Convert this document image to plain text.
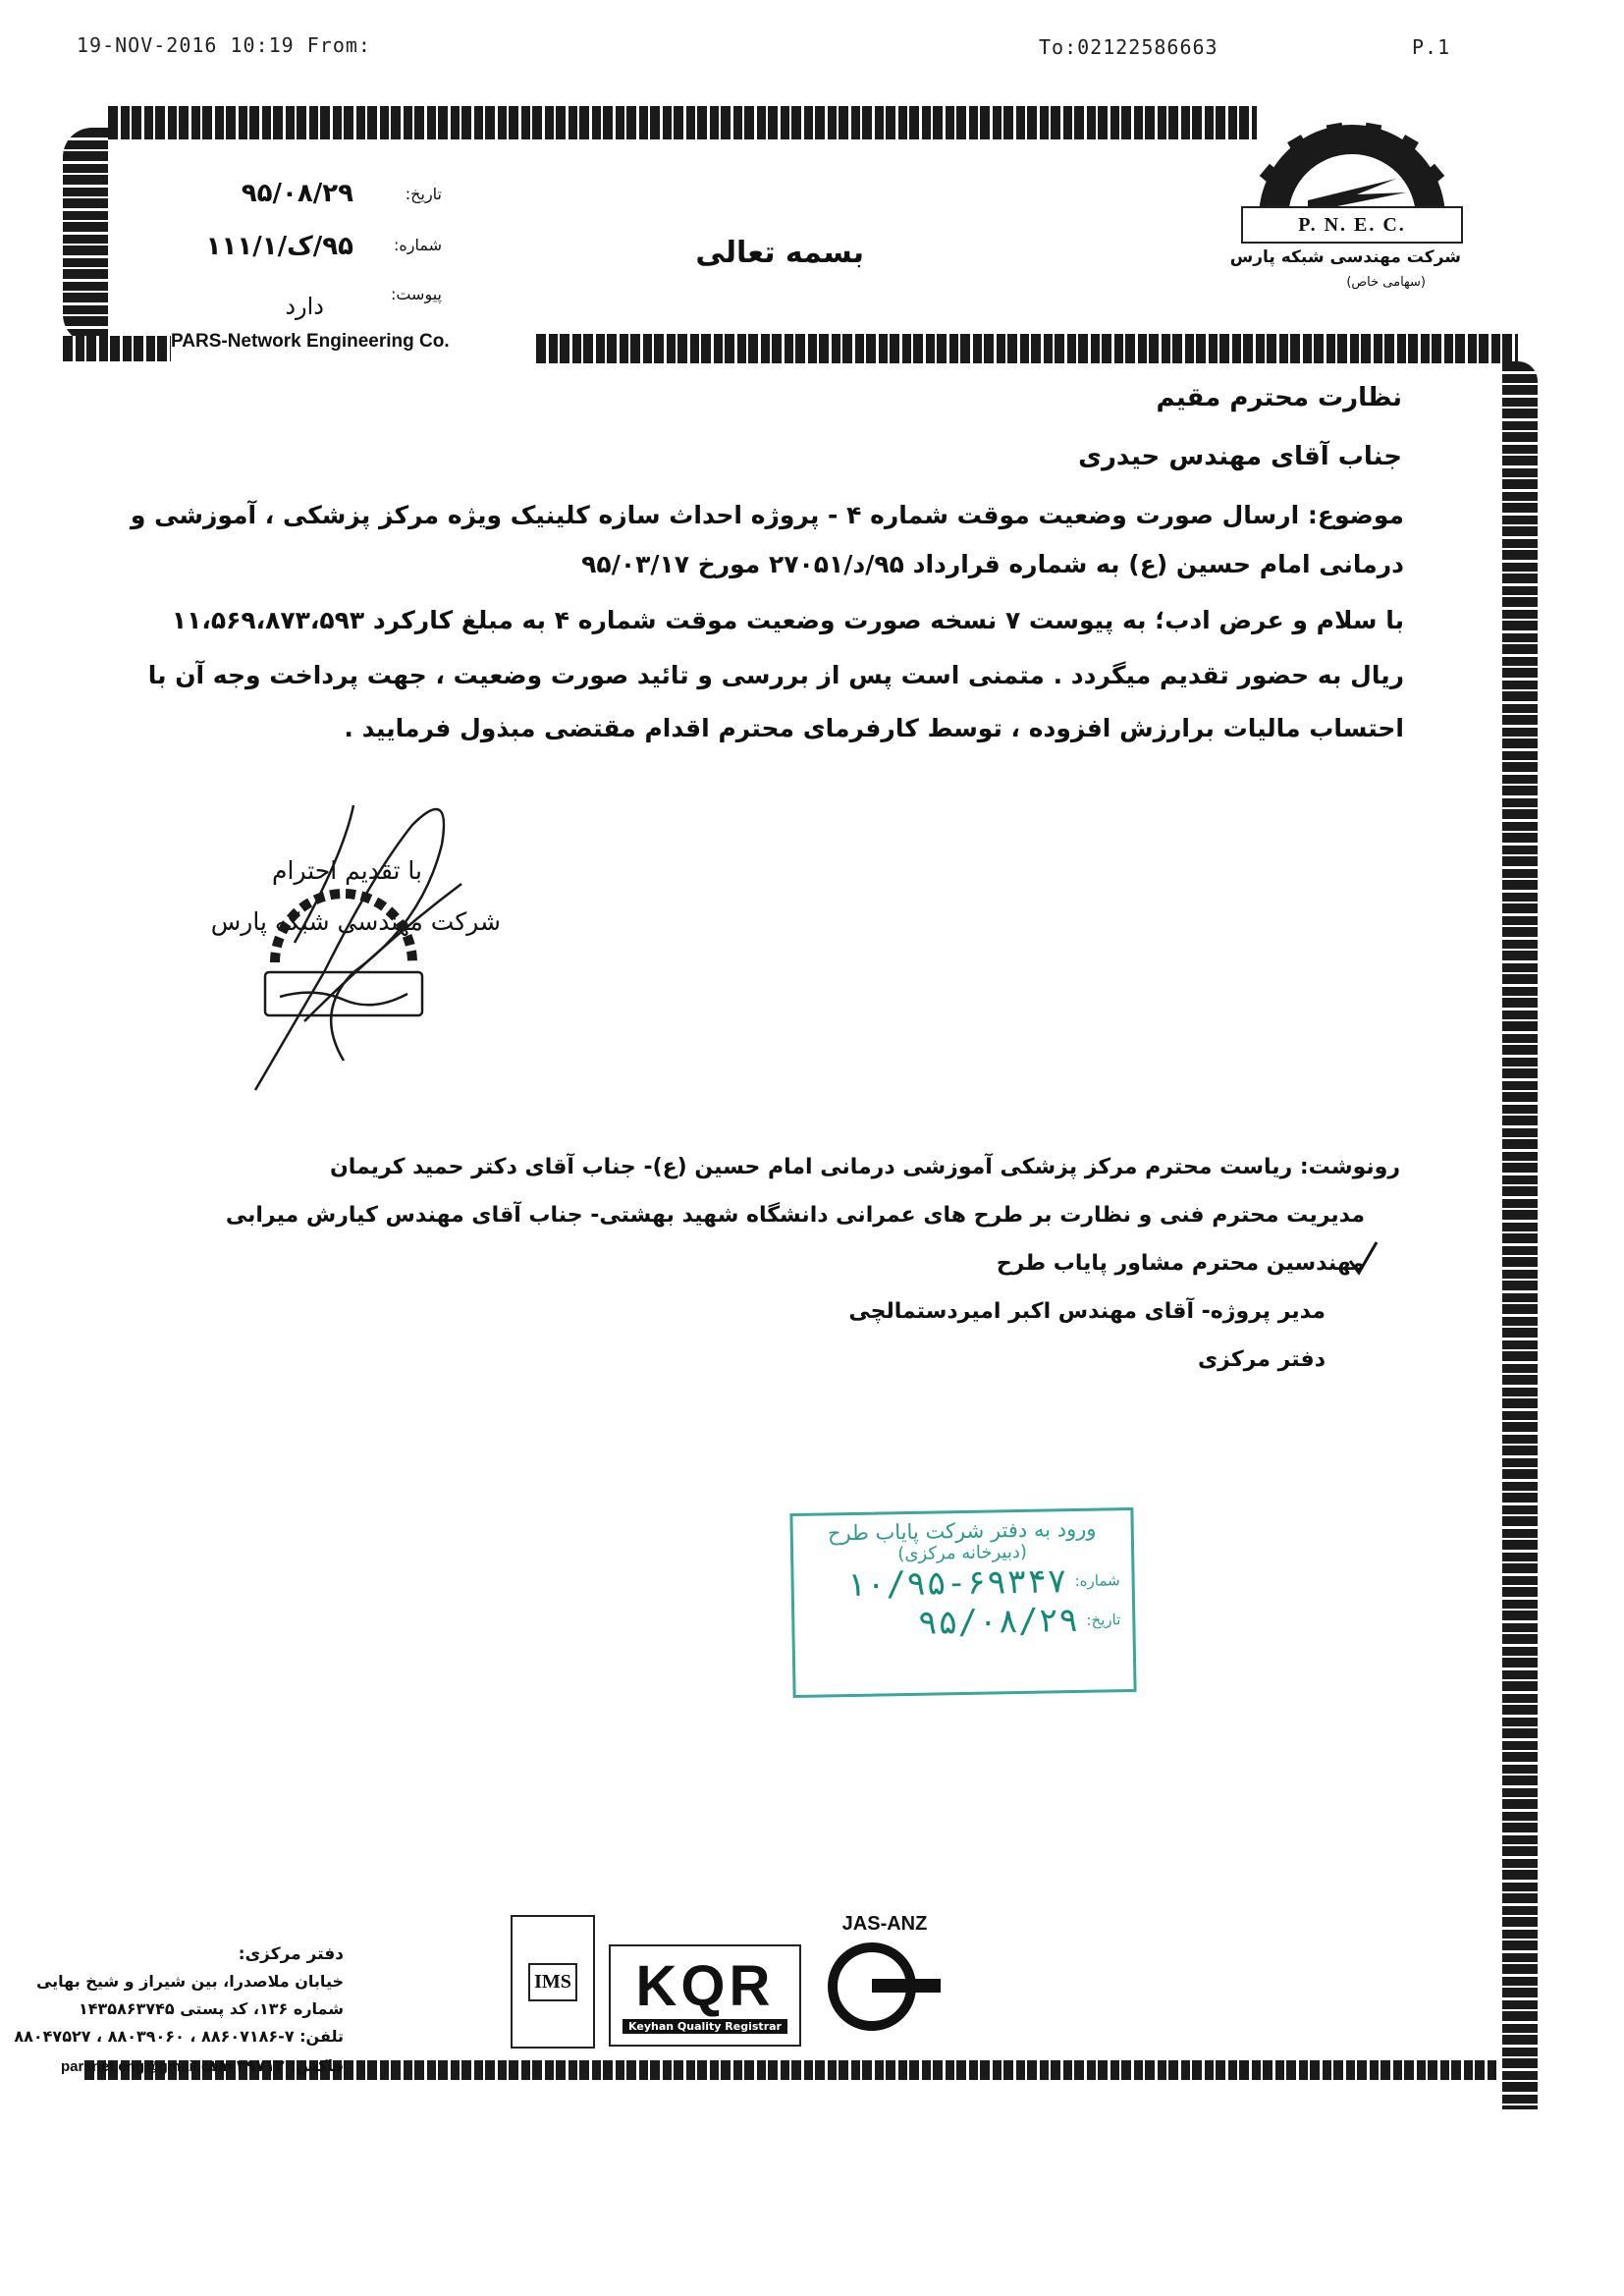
19-NOV-2016 10:19 From:	To:02122586663	P.1
تاریخ:
۹۵/۰۸/۲۹
شماره:
۹۵/ک/۱۱۱/۱
پیوست:
دارد
بسمه تعالی
PARS-Network Engineering Co.
P. N. E. C.
شرکت مهندسی شبکه پارس
(سهامی خاص)
نظارت محترم مقیم
جناب آقای مهندس حیدری
موضوع: ارسال صورت وضعیت موقت شماره ۴ - پروژه احداث سازه کلینیک ویژه مرکز پزشکی ، آموزشی و
درمانی امام حسین (ع) به شماره قرارداد ۹۵/د/۲۷۰۵۱ مورخ ۹۵/۰۳/۱۷
با سلام و عرض ادب؛ به پیوست ۷ نسخه صورت وضعیت موقت شماره ۴ به مبلغ کارکرد ۱۱،۵۶۹،۸۷۳،۵۹۳
ریال به حضور تقدیم میگردد . متمنی است پس از بررسی و تائید صورت وضعیت ، جهت پرداخت وجه آن با
احتساب مالیات برارزش افزوده ، توسط کارفرمای محترم اقدام مقتضی مبذول فرمایید .
با تقدیم احترام
شرکت مهندسی شبکه پارس
رونوشت: ریاست محترم مرکز پزشکی آموزشی درمانی امام حسین (ع)- جناب آقای دکتر حمید کریمان
مدیریت محترم فنی و نظارت بر طرح های عمرانی دانشگاه شهید بهشتی- جناب آقای مهندس کیارش میرابی
مهندسین محترم مشاور پایاب طرح
مدیر پروژه- آقای مهندس اکبر امیردستمالچی
دفتر مرکزی
ورود به دفتر شرکت پایاب طرح
(دبیرخانه مرکزی)
شماره:
۱۰/۹۵-۶۹۳۴۷
تاریخ:
۹۵/۰۸/۲۹
IMS KQR
Keyhan Quality Registrar
JAS-ANZ
دفتر مرکزی:
خیابان ملاصدرا، بین شیراز و شیخ بهایی
شماره ۱۳۶، کد پستی ۱۴۳۵۸۶۳۷۴۵
تلفن: ۷-۸۸۶۰۷۱۸۶ ، ۸۸۰۳۹۰۶۰ ، ۸۸۰۴۷۵۲۷
فاکس: ۸۸۰۳۹۷۱۲
parsnet.eng@gmail.com
